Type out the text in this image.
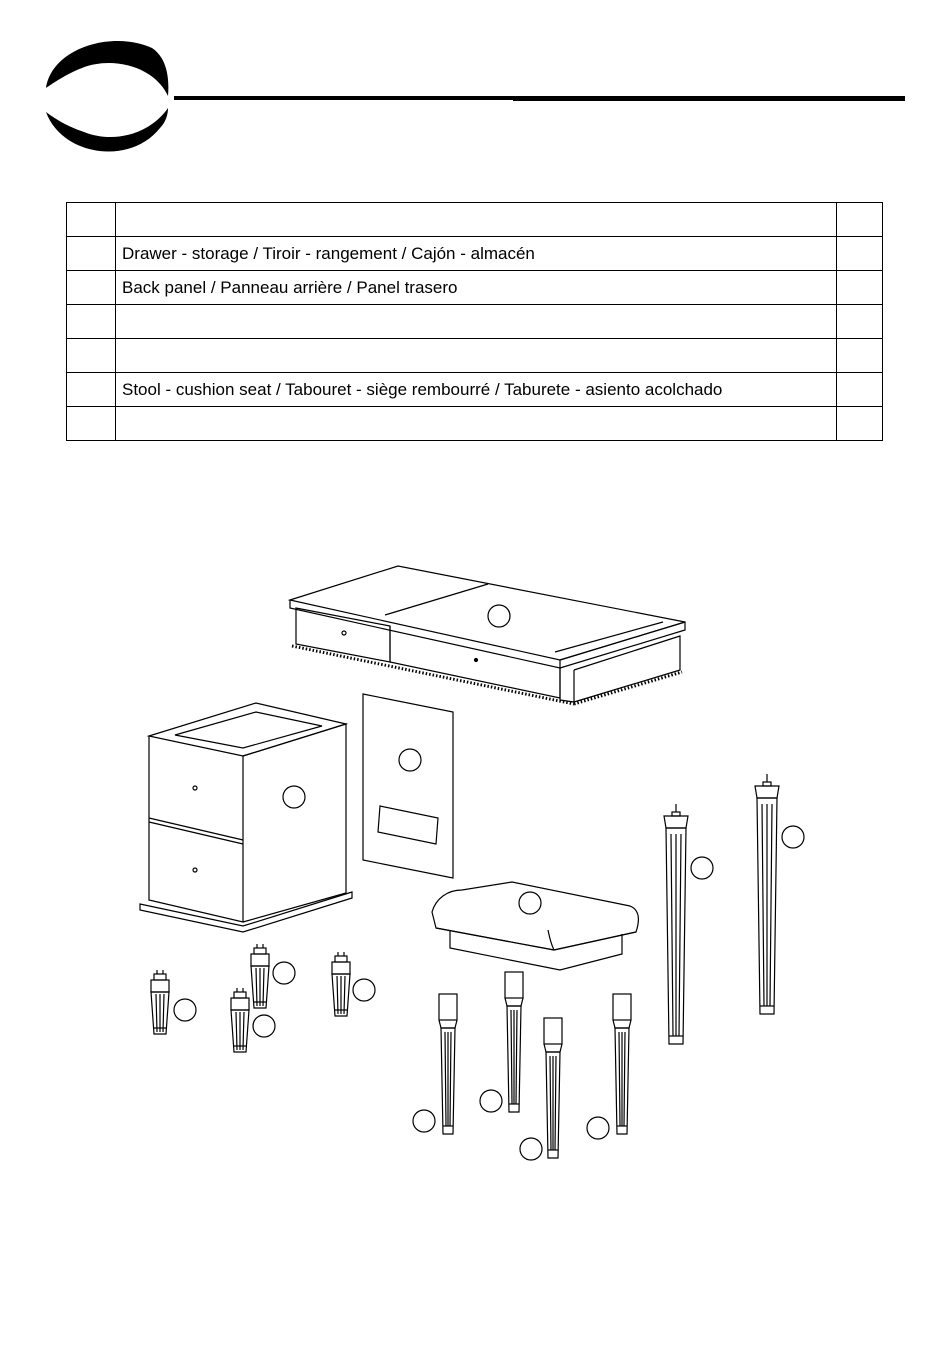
	Drawer - storage / Tiroir - rangement / Cajón - almacén	
	Back panel / Panneau arrière / Panel trasero	

	Stool - cushion seat / Tabouret - siège rembourré / Taburete - asiento acolchado	
